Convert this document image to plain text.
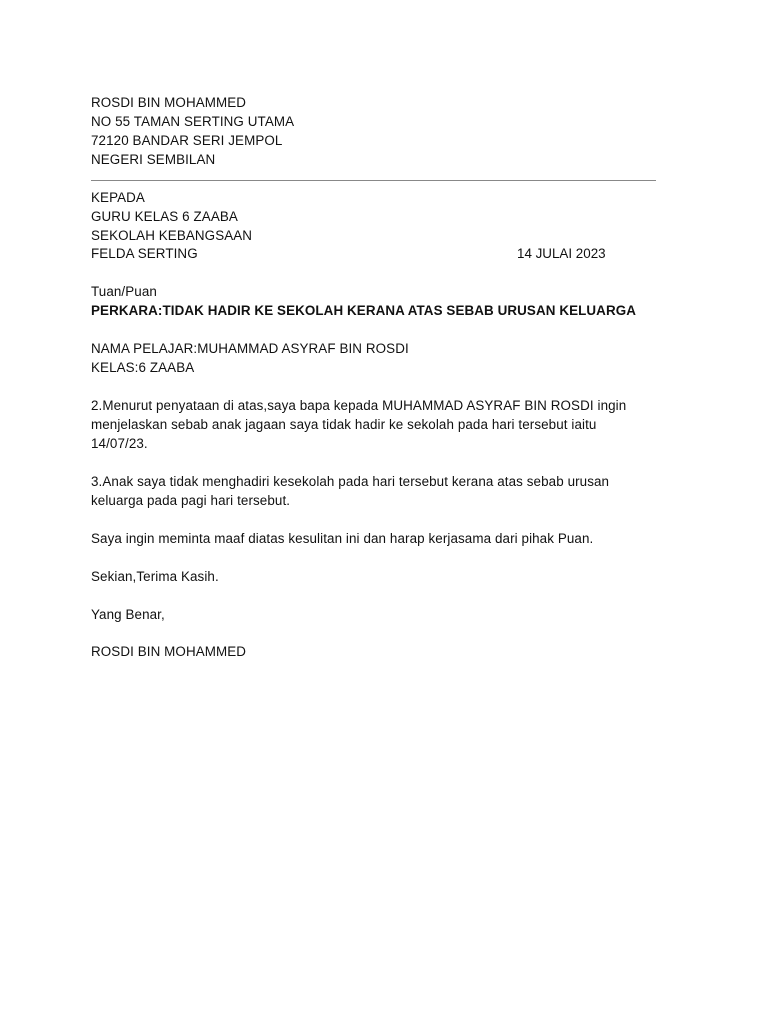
ROSDI BIN MOHAMMED
NO 55 TAMAN SERTING UTAMA
72120 BANDAR SERI JEMPOL
NEGERI SEMBILAN
KEPADA
GURU KELAS 6 ZAABA
SEKOLAH KEBANGSAAN
FELDA SERTING	14 JULAI 2023
Tuan/Puan
PERKARA:TIDAK HADIR KE SEKOLAH KERANA ATAS SEBAB URUSAN KELUARGA
NAMA PELAJAR:MUHAMMAD ASYRAF BIN ROSDI
KELAS:6 ZAABA
2.Menurut penyataan di atas,saya bapa kepada MUHAMMAD ASYRAF BIN ROSDI ingin
menjelaskan sebab anak jagaan saya tidak hadir ke sekolah pada hari tersebut iaitu
14/07/23.
3.Anak saya tidak menghadiri kesekolah pada hari tersebut kerana atas sebab urusan
keluarga pada pagi hari tersebut.
Saya ingin meminta maaf diatas kesulitan ini dan harap kerjasama dari pihak Puan.
Sekian,Terima Kasih.
Yang Benar,
ROSDI BIN MOHAMMED
